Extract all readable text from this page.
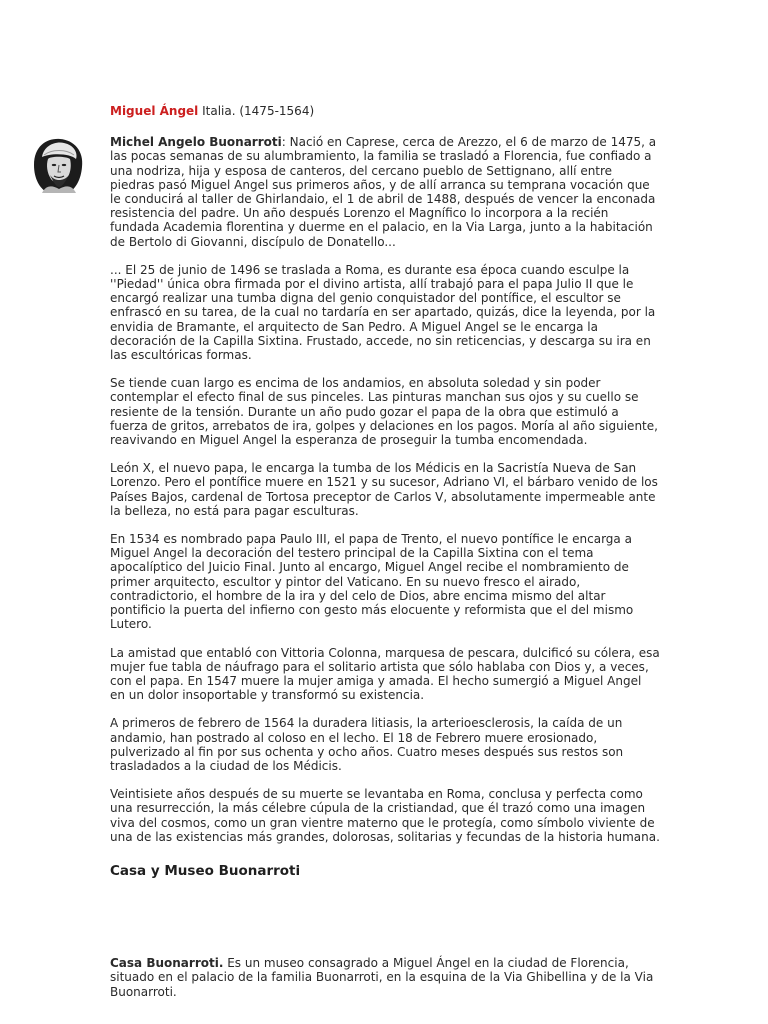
Miguel Ángel Italia. (1475-1564)

Michel Angelo Buonarroti: Nació en Caprese, cerca de Arezzo, el 6 de marzo de 1475, a las pocas semanas de su alumbramiento, la familia se trasladó a Florencia, fue confiado a una nodriza, hija y esposa de canteros, del cercano pueblo de Settignano, allí entre piedras pasó Miguel Angel sus primeros años, y de allí arranca su temprana vocación que le conducirá al taller de Ghirlandaio, el 1 de abril de 1488, después de vencer la enconada resistencia del padre. Un año después Lorenzo el Magnífico lo incorpora a la recién fundada Academia florentina y duerme en el palacio, en la Via Larga, junto a la habitación de Bertolo di Giovanni, discípulo de Donatello...

... El 25 de junio de 1496 se traslada a Roma, es durante esa época cuando esculpe la ''Piedad'' única obra firmada por el divino artista, allí trabajó para el papa Julio II que le encargó realizar una tumba digna del genio conquistador del pontífice, el escultor se enfrascó en su tarea, de la cual no tardaría en ser apartado, quizás, dice la leyenda, por la envidia de Bramante, el arquitecto de San Pedro. A Miguel Angel se le encarga la decoración de la Capilla Sixtina. Frustado, accede, no sin reticencias, y descarga su ira en las escultóricas formas.

Se tiende cuan largo es encima de los andamios, en absoluta soledad y sin poder contemplar el efecto final de sus pinceles. Las pinturas manchan sus ojos y su cuello se resiente de la tensión. Durante un año pudo gozar el papa de la obra que estimuló a fuerza de gritos, arrebatos de ira, golpes y delaciones en los pagos. Moría al año siguiente, reavivando en Miguel Angel la esperanza de proseguir la tumba encomendada.

León X, el nuevo papa, le encarga la tumba de los Médicis en la Sacristía Nueva de San Lorenzo. Pero el pontífice muere en 1521 y su sucesor, Adriano VI, el bárbaro venido de los Países Bajos, cardenal de Tortosa preceptor de Carlos V, absolutamente impermeable ante la belleza, no está para pagar esculturas.

En 1534 es nombrado papa Paulo III, el papa de Trento, el nuevo pontífice le encarga a Miguel Angel la decoración del testero principal de la Capilla Sixtina con el tema apocalíptico del Juicio Final. Junto al encargo, Miguel Angel recibe el nombramiento de primer arquitecto, escultor y pintor del Vaticano. En su nuevo fresco el airado, contradictorio, el hombre de la ira y del celo de Dios, abre encima mismo del altar pontificio la puerta del infierno con gesto más elocuente y reformista que el del mismo Lutero.

La amistad que entabló con Vittoria Colonna, marquesa de pescara, dulcificó su cólera, esa mujer fue tabla de náufrago para el solitario artista que sólo hablaba con Dios y, a veces, con el papa. En 1547 muere la mujer amiga y amada. El hecho sumergió a Miguel Angel en un dolor insoportable y transformó su existencia.

A primeros de febrero de 1564 la duradera litiasis, la arterioesclerosis, la caída de un andamio, han postrado al coloso en el lecho. El 18 de Febrero muere erosionado, pulverizado al fin por sus ochenta y ocho años. Cuatro meses después sus restos son trasladados a la ciudad de los Médicis.

Veintisiete años después de su muerte se levantaba en Roma, conclusa y perfecta como una resurrección, la más célebre cúpula de la cristiandad, que él trazó como una imagen viva del cosmos, como un gran vientre materno que le protegía, como símbolo viviente de una de las existencias más grandes, dolorosas, solitarias y fecundas de la historia humana.

Casa y Museo Buonarroti

Casa Buonarroti. Es un museo consagrado a Miguel Ángel en la ciudad de Florencia, situado en el palacio de la familia Buonarroti, en la esquina de la Via Ghibellina y de la Via Buonarroti.
